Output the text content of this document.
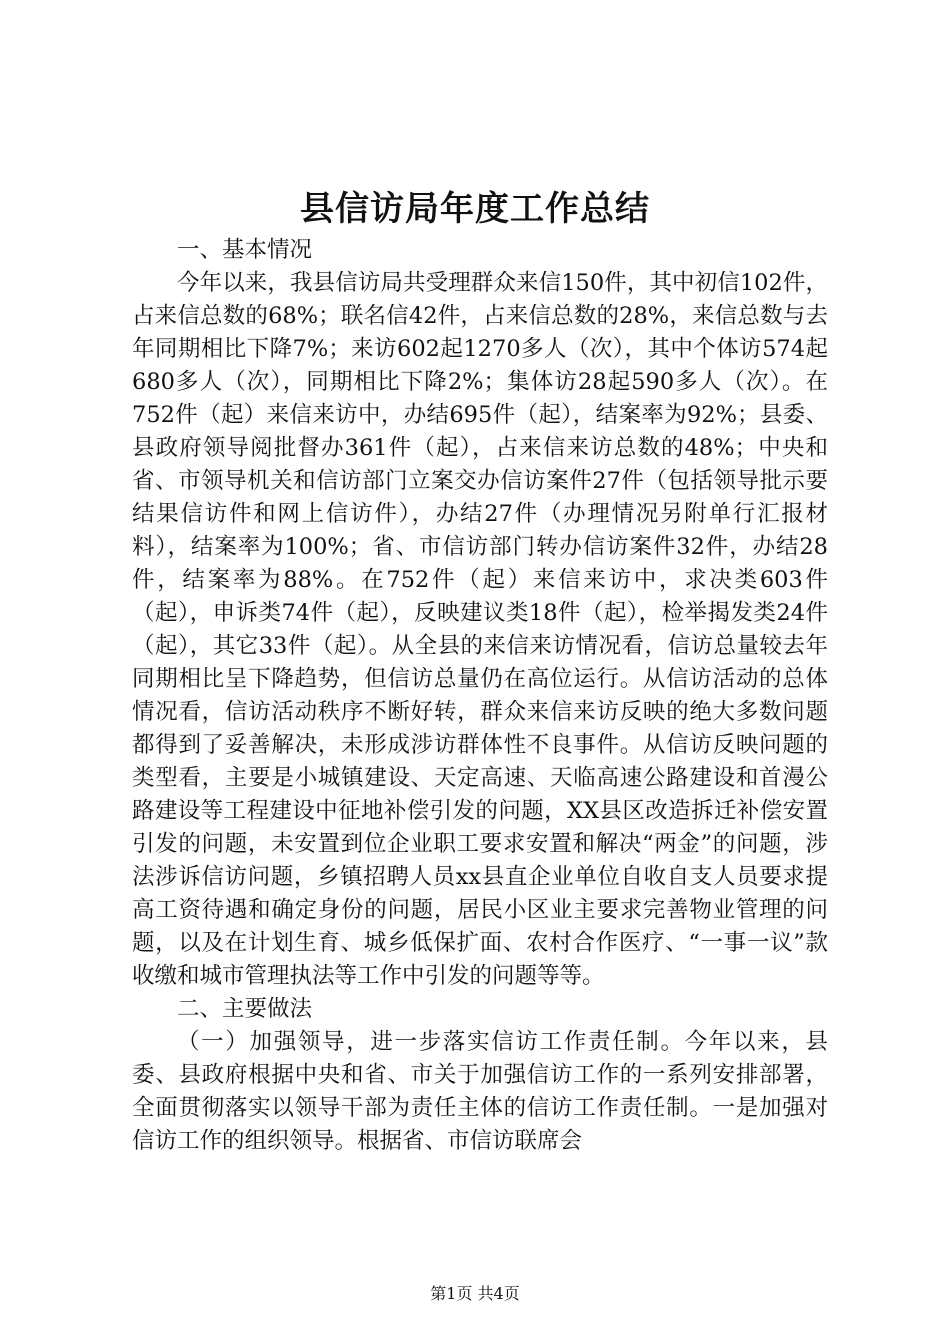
县信访局年度工作总结

一、基本情况

今年以来，我县信访局共受理群众来信150件，其中初信102件，占来信总数的68%；联名信42件，占来信总数的28%，来信总数与去年同期相比下降7%；来访602起1270多人（次），其中个体访574起680多人（次），同期相比下降2%；集体访28起590多人（次）。在752件（起）来信来访中，办结695件（起），结案率为92%；县委、县政府领导阅批督办361件（起），占来信来访总数的48%；中央和省、市领导机关和信访部门立案交办信访案件27件（包括领导批示要结果信访件和网上信访件），办结27件（办理情况另附单行汇报材料），结案率为100%；省、市信访部门转办信访案件32件，办结28件，结案率为88%。在752件（起）来信来访中，求决类603件（起），申诉类74件（起），反映建议类18件（起），检举揭发类24件（起），其它33件（起）。从全县的来信来访情况看，信访总量较去年同期相比呈下降趋势，但信访总量仍在高位运行。从信访活动的总体情况看，信访活动秩序不断好转，群众来信来访反映的绝大多数问题都得到了妥善解决，未形成涉访群体性不良事件。从信访反映问题的类型看，主要是小城镇建设、天定高速、天临高速公路建设和首漫公路建设等工程建设中征地补偿引发的问题，XX县区改造拆迁补偿安置引发的问题，未安置到位企业职工要求安置和解决“两金”的问题，涉法涉诉信访问题，乡镇招聘人员xx县直企业单位自收自支人员要求提高工资待遇和确定身份的问题，居民小区业主要求完善物业管理的问题，以及在计划生育、城乡低保扩面、农村合作医疗、“一事一议”款收缴和城市管理执法等工作中引发的问题等等。

二、主要做法

（一）加强领导，进一步落实信访工作责任制。今年以来，县委、县政府根据中央和省、市关于加强信访工作的一系列安排部署，全面贯彻落实以领导干部为责任主体的信访工作责任制。一是加强对信访工作的组织领导。根据省、市信访联席会

第1页 共4页
